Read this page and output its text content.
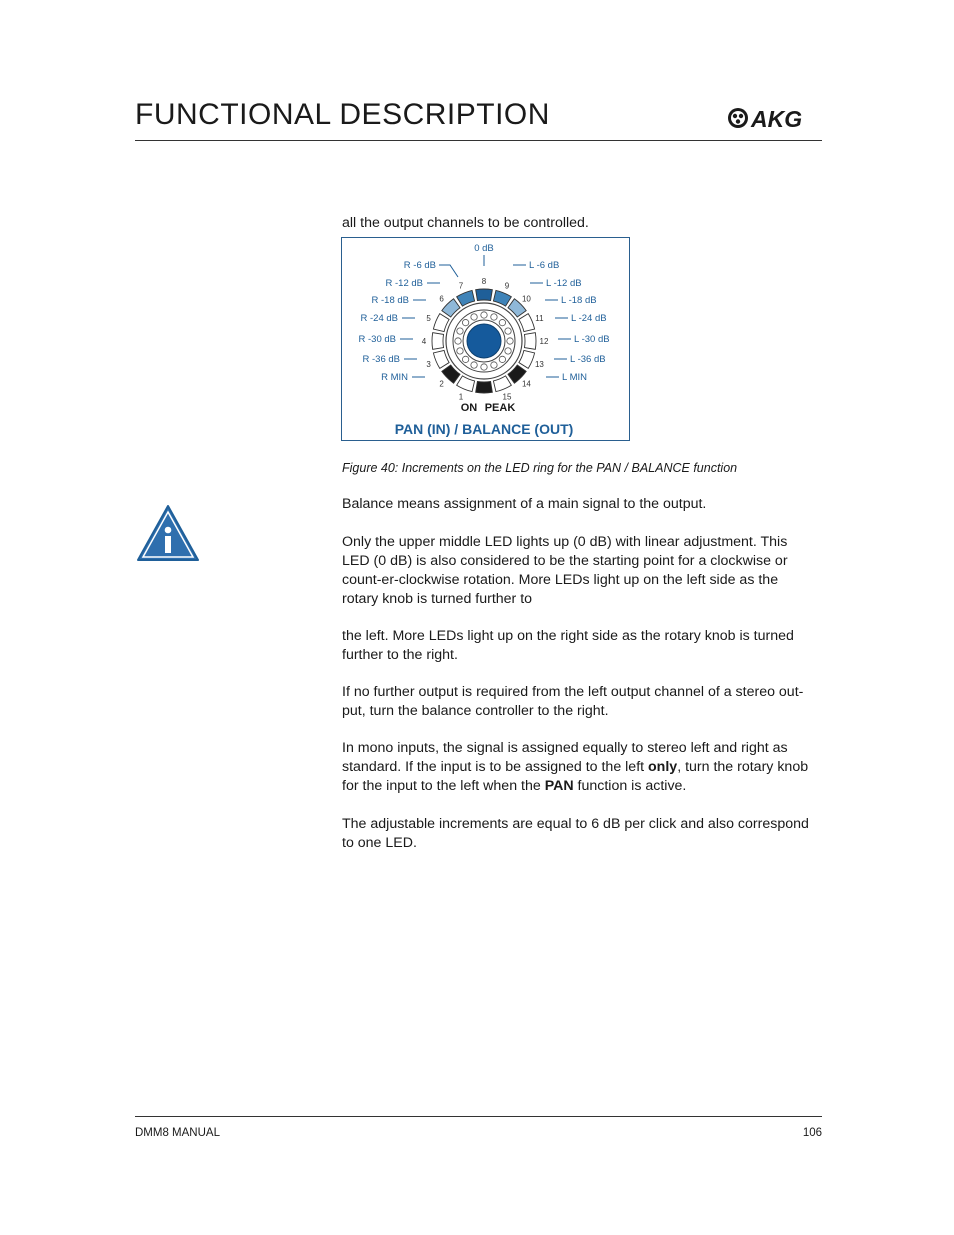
FUNCTIONAL DESCRIPTION	AKG
all the output channels to be controlled.
1
2
3
4
5
6
7
8
9
10
11
12
13
14
15
0 dB
R -6 dB
R -12 dB
R -18 dB
R -24 dB
R -30 dB
R -36 dB
R MIN
L -6 dB
L -12 dB
L -18 dB
L -24 dB
L -30 dB
L -36 dB
L MIN
ON PEAK
PAN (IN) / BALANCE (OUT)
Figure 40: Increments on the LED ring for the PAN / BALANCE function
Balance means assignment of a main signal to the output.
Only the upper middle LED lights up (0 dB) with linear adjustment. This LED (0 dB) is also considered to be the starting point for a clockwise or count-er-clockwise rotation. More LEDs light up on the left side as the rotary knob is turned further to
the left. More LEDs light up on the right side as the rotary knob is turned further to the right.
If no further output is required from the left output channel of a stereo out-put, turn the balance controller to the right.
In mono inputs, the signal is assigned equally to stereo left and right as standard. If the input is to be assigned to the left only, turn the rotary knob for the input to the left when the PAN function is active.
The adjustable increments are equal to 6 dB per click and also correspond to one LED.
DMM8 MANUAL	106
